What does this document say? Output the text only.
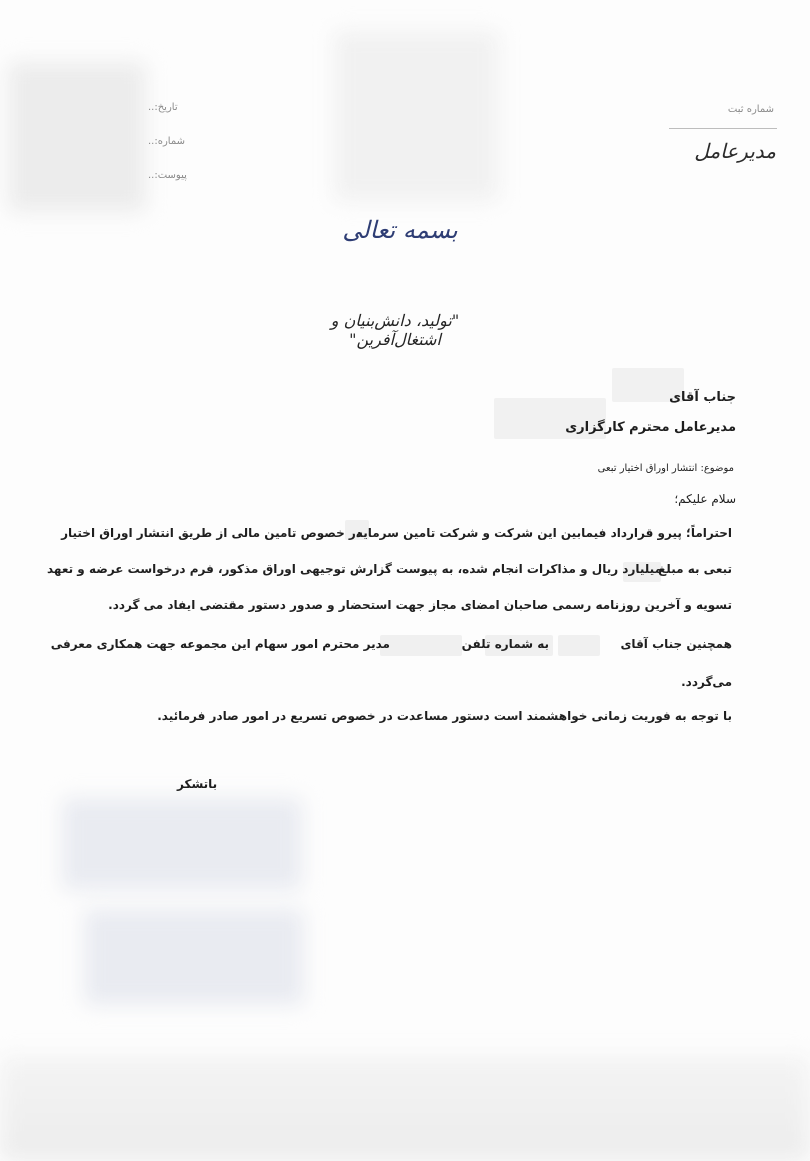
تاریخ:..
شماره:..
پیوست:..
شماره ثبت
مدیرعامل
بسمه تعالی
"تولید، دانش‌بنیان و اشتغال‌آفرین"
جناب آقای
مدیرعامل محترم کارگزاری
موضوع: انتشار اوراق اختیار تبعی
سلام علیکم؛
احتراماً؛ پیرو قرارداد فیمابین این شرکت و شرکت تامین سرمایه
در خصوص تامین مالی از طریق انتشار اوراق اختیار
تبعی به مبلغ
میلیارد ریال و مذاکرات انجام شده، به پیوست گزارش توجیهی اوراق مذکور، فرم درخواست عرضه و تعهد
تسویه و آخرین روزنامه رسمی صاحبان امضای مجاز جهت استحضار و صدور دستور مقتضی ایفاد می گردد.
همچنین جناب آقای
به شماره تلفن
مدیر محترم امور سهام این مجموعه جهت همکاری معرفی
می‌گردد.
با توجه به فوریت زمانی خواهشمند است دستور مساعدت در خصوص تسریع در امور صادر فرمائید.
باتشکر
